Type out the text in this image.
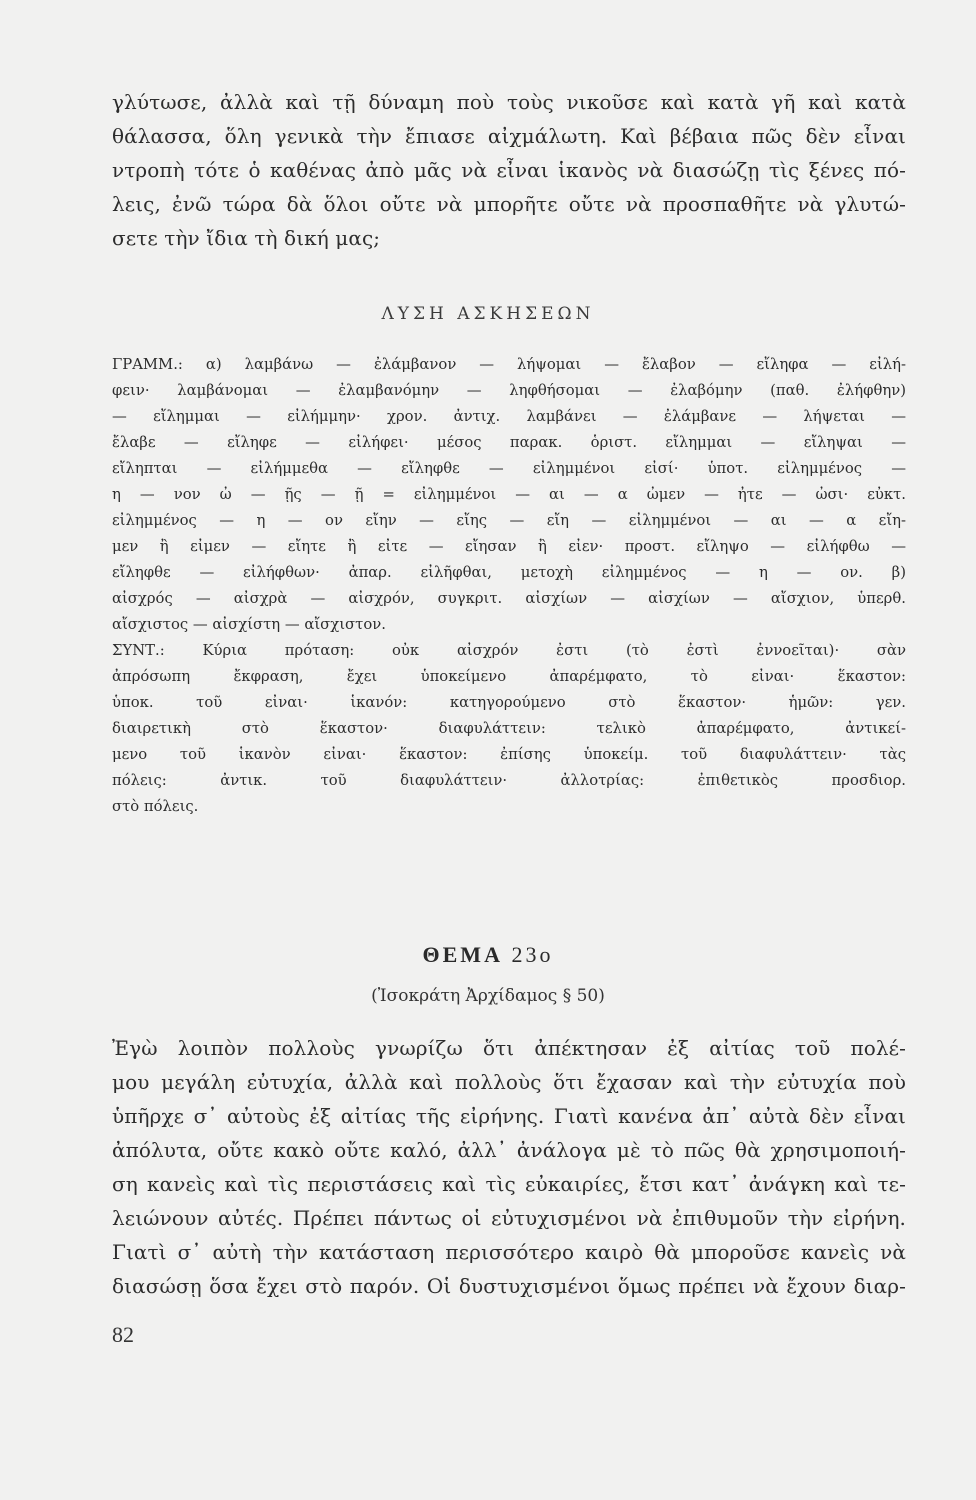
γλύτωσε, ἀλλὰ καὶ τῇ δύναμη ποὺ τοὺς νικοῦσε καὶ κατὰ γῆ καὶ κατὰ

θάλασσα, ὅλη γενικὰ τὴν ἔπιασε αἰχμάλωτη. Καὶ βέβαια πῶς δὲν εἶναι

ντροπὴ τότε ὁ καθένας ἀπὸ μᾶς νὰ εἶναι ἱκανὸς νὰ διασώζῃ τὶς ξένες πό-

λεις, ἐνῶ τώρα δὰ ὅλοι οὔτε νὰ μπορῆτε οὔτε νὰ προσπαθῆτε νὰ γλυτώ-

σετε τὴν ἴδια τὴ δική μας;

ΛΥΣΗ ΑΣΚΗΣΕΩΝ

ΓΡΑΜΜ.: α) λαμβάνω — ἐλάμβανον — λήψομαι — ἔλαβον — εἴληφα — εἰλή-

φειν· λαμβάνομαι — ἐλαμβανόμην — ληφθήσομαι — ἐλαβόμην (παθ. ἐλήφθην)

— εἴλημμαι — εἰλήμμην· χρον. ἀντιχ. λαμβάνει — ἐλάμβανε — λήψεται —

ἔλαβε — εἴληφε — εἰλήφει· μέσος παρακ. ὁριστ. εἴλημμαι — εἴληψαι —

εἴληπται — εἰλήμμεθα — εἴληφθε — εἰλημμένοι εἰσί· ὑποτ. εἰλημμένος —

η — νον ὦ — ῇς — ῇ = εἰλημμένοι — αι — α ὦμεν — ἦτε — ὦσι· εὐκτ.

εἰλημμένος — η — ον εἴην — εἴης — εἴη — εἰλημμένοι — αι — α εἴη-

μεν ἢ εἶμεν — εἴητε ἢ εἶτε — εἴησαν ἢ εἶεν· προστ. εἴληψο — εἰλήφθω —

εἴληφθε — εἰλήφθων· ἀπαρ. εἰλῆφθαι, μετοχὴ εἰλημμένος — η — ον. β)

αἰσχρός — αἰσχρὰ — αἰσχρόν, συγκριτ. αἰσχίων — αἰσχίων — αἴσχιον, ὑπερθ.

αἴσχιστος — αἰσχίστη — αἴσχιστον.

ΣΥΝΤ.: Κύρια πρόταση: οὐκ αἰσχρόν ἐστι (τὸ ἐστὶ ἐννοεῖται)· σὰν

ἀπρόσωπη ἔκφραση, ἔχει ὑποκείμενο ἀπαρέμφατο, τὸ εἶναι· ἕκαστον:

ὑποκ. τοῦ εἶναι· ἱκανόν: κατηγορούμενο στὸ ἕκαστον· ἡμῶν: γεν.

διαιρετικὴ στὸ ἕκαστον· διαφυλάττειν: τελικὸ ἀπαρέμφατο, ἀντικεί-

μενο τοῦ ἱκανὸν εἶναι· ἕκαστον: ἐπίσης ὑποκείμ. τοῦ διαφυλάττειν· τὰς

πόλεις: ἀντικ. τοῦ διαφυλάττειν· ἀλλοτρίας: ἐπιθετικὸς προσδιορ.

στὸ πόλεις.

ΘΕΜΑ 23ο

(Ἰσοκράτη Ἀρχίδαμος § 50)

Ἐγὼ λοιπὸν πολλοὺς γνωρίζω ὅτι ἀπέκτησαν ἐξ αἰτίας τοῦ πολέ-

μου μεγάλη εὐτυχία, ἀλλὰ καὶ πολλοὺς ὅτι ἔχασαν καὶ τὴν εὐτυχία ποὺ

ὑπῆρχε σ᾽ αὐτοὺς ἐξ αἰτίας τῆς εἰρήνης. Γιατὶ κανένα ἀπ᾽ αὐτὰ δὲν εἶναι

ἀπόλυτα, οὔτε κακὸ οὔτε καλό, ἀλλ᾽ ἀνάλογα μὲ τὸ πῶς θὰ χρησιμοποιή-

ση κανεὶς καὶ τὶς περιστάσεις καὶ τὶς εὐκαιρίες, ἔτσι κατ᾽ ἀνάγκη καὶ τε-

λειώνουν αὐτές. Πρέπει πάντως οἱ εὐτυχισμένοι νὰ ἐπιθυμοῦν τὴν εἰρήνη.

Γιατὶ σ᾽ αὐτὴ τὴν κατάσταση περισσότερο καιρὸ θὰ μποροῦσε κανεὶς νὰ

διασώσῃ ὅσα ἔχει στὸ παρόν. Οἱ δυστυχισμένοι ὅμως πρέπει νὰ ἔχουν διαρ-

82
